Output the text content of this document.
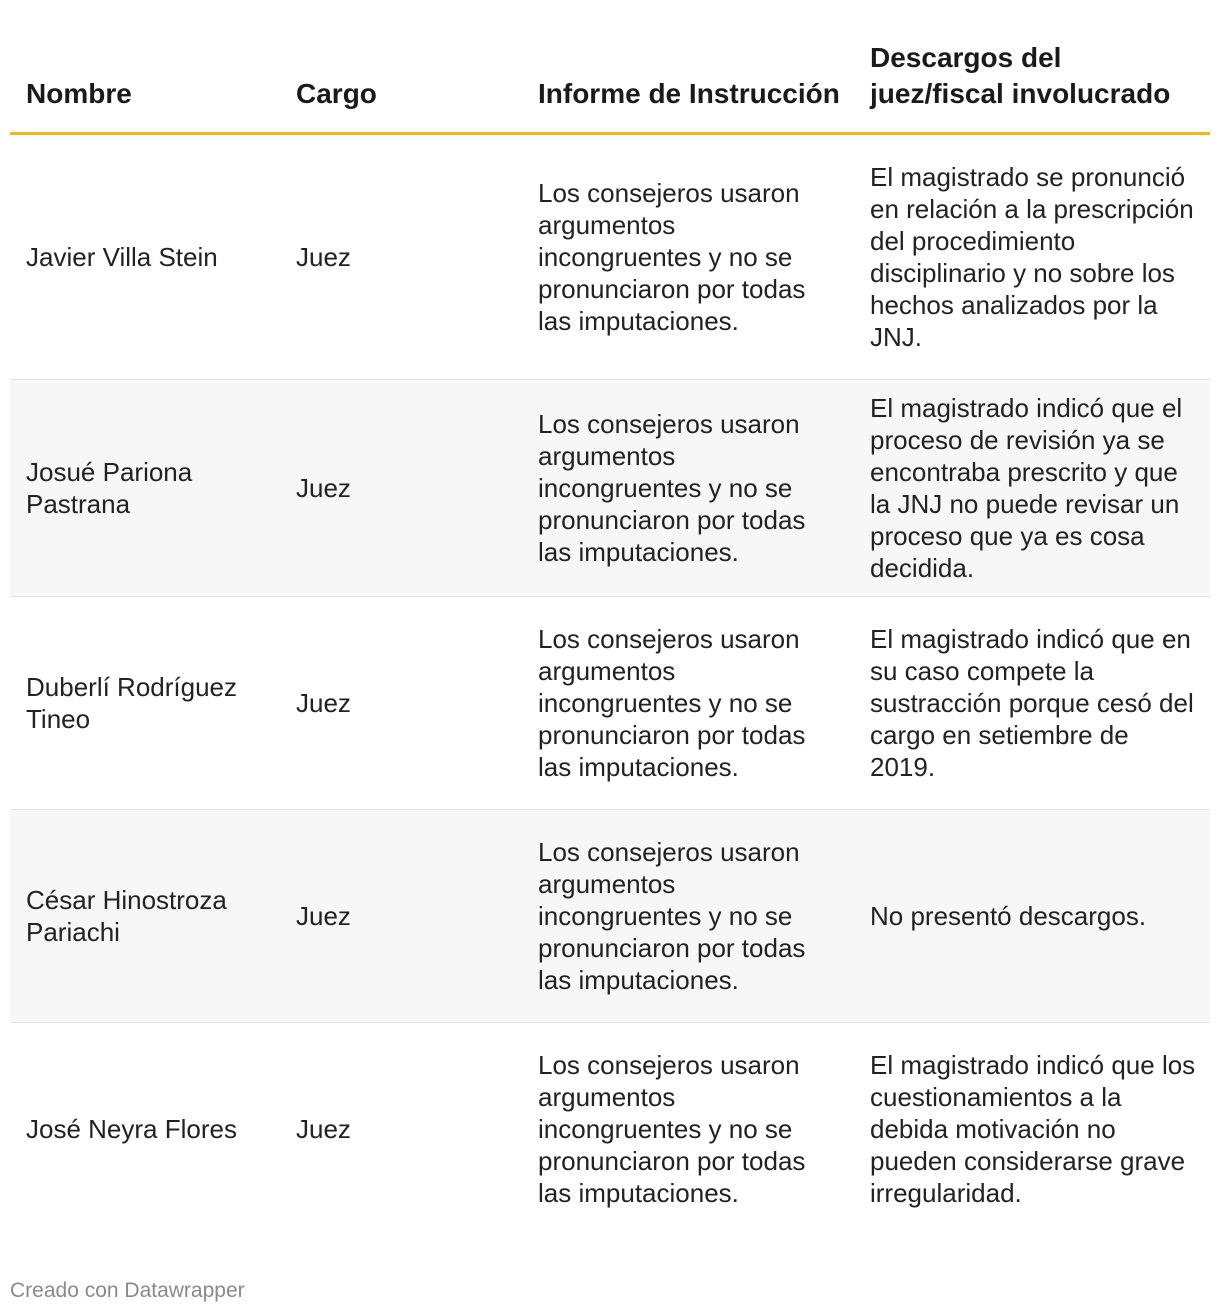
Nombre	Cargo	Informe de Instrucción	Descargos del juez/fiscal involucrado
Javier Villa Stein	Juez	Los consejeros usaron argumentos incongruentes y no se pronunciaron por todas las imputaciones.	El magistrado se pronunció en relación a la prescripción del procedimiento disciplinario y no sobre los hechos analizados por la JNJ.
Josué Pariona Pastrana	Juez	Los consejeros usaron argumentos incongruentes y no se pronunciaron por todas las imputaciones.	El magistrado indicó que el proceso de revisión ya se encontraba prescrito y que la JNJ no puede revisar un proceso que ya es cosa decidida.
Duberlí Rodríguez Tineo	Juez	Los consejeros usaron argumentos incongruentes y no se pronunciaron por todas las imputaciones.	El magistrado indicó que en su caso compete la sustracción porque cesó del cargo en setiembre de 2019.
César Hinostroza Pariachi	Juez	Los consejeros usaron argumentos incongruentes y no se pronunciaron por todas las imputaciones.	No presentó descargos.
José Neyra Flores	Juez	Los consejeros usaron argumentos incongruentes y no se pronunciaron por todas las imputaciones.	El magistrado indicó que los cuestionamientos a la debida motivación no pueden considerarse grave irregularidad.
Creado con Datawrapper
